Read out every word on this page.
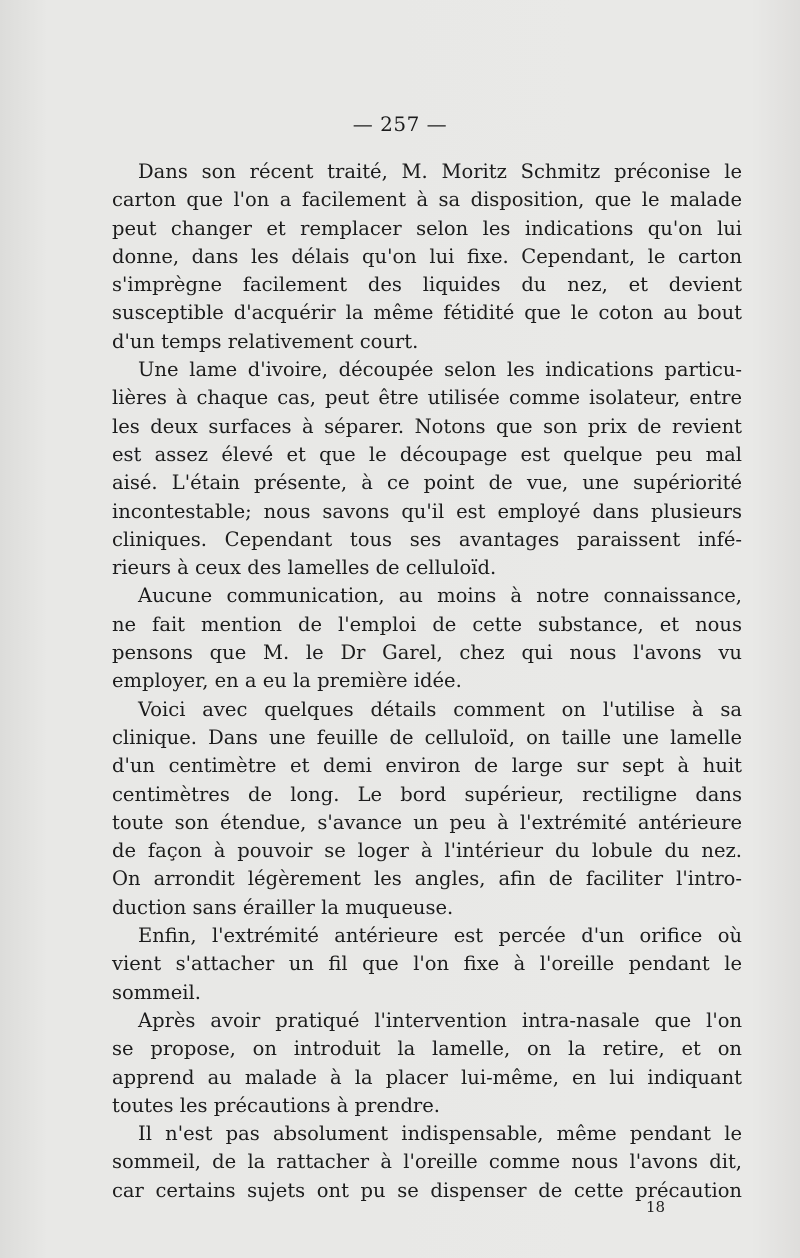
— 257 —
Dans son récent traité, M. Moritz Schmitz préconise le
carton que l'on a facilement à sa disposition, que le malade
peut changer et remplacer selon les indications qu'on lui
donne, dans les délais qu'on lui fixe. Cependant, le carton
s'imprègne facilement des liquides du nez, et devient
susceptible d'acquérir la même fétidité que le coton au bout
d'un temps relativement court.
Une lame d'ivoire, découpée selon les indications particu-
lières à chaque cas, peut être utilisée comme isolateur, entre
les deux surfaces à séparer. Notons que son prix de revient
est assez élevé et que le découpage est quelque peu mal
aisé. L'étain présente, à ce point de vue, une supériorité
incontestable; nous savons qu'il est employé dans plusieurs
cliniques. Cependant tous ses avantages paraissent infé-
rieurs à ceux des lamelles de celluloïd.
Aucune communication, au moins à notre connaissance,
ne fait mention de l'emploi de cette substance, et nous
pensons que M. le Dr Garel, chez qui nous l'avons vu
employer, en a eu la première idée.
Voici avec quelques détails comment on l'utilise à sa
clinique. Dans une feuille de celluloïd, on taille une lamelle
d'un centimètre et demi environ de large sur sept à huit
centimètres de long. Le bord supérieur, rectiligne dans
toute son étendue, s'avance un peu à l'extrémité antérieure
de façon à pouvoir se loger à l'intérieur du lobule du nez.
On arrondit légèrement les angles, afin de faciliter l'intro-
duction sans érailler la muqueuse.
Enfin, l'extrémité antérieure est percée d'un orifice où
vient s'attacher un fil que l'on fixe à l'oreille pendant le
sommeil.
Après avoir pratiqué l'intervention intra-nasale que l'on
se propose, on introduit la lamelle, on la retire, et on
apprend au malade à la placer lui-même, en lui indiquant
toutes les précautions à prendre.
Il n'est pas absolument indispensable, même pendant le
sommeil, de la rattacher à l'oreille comme nous l'avons dit,
car certains sujets ont pu se dispenser de cette précaution
18
